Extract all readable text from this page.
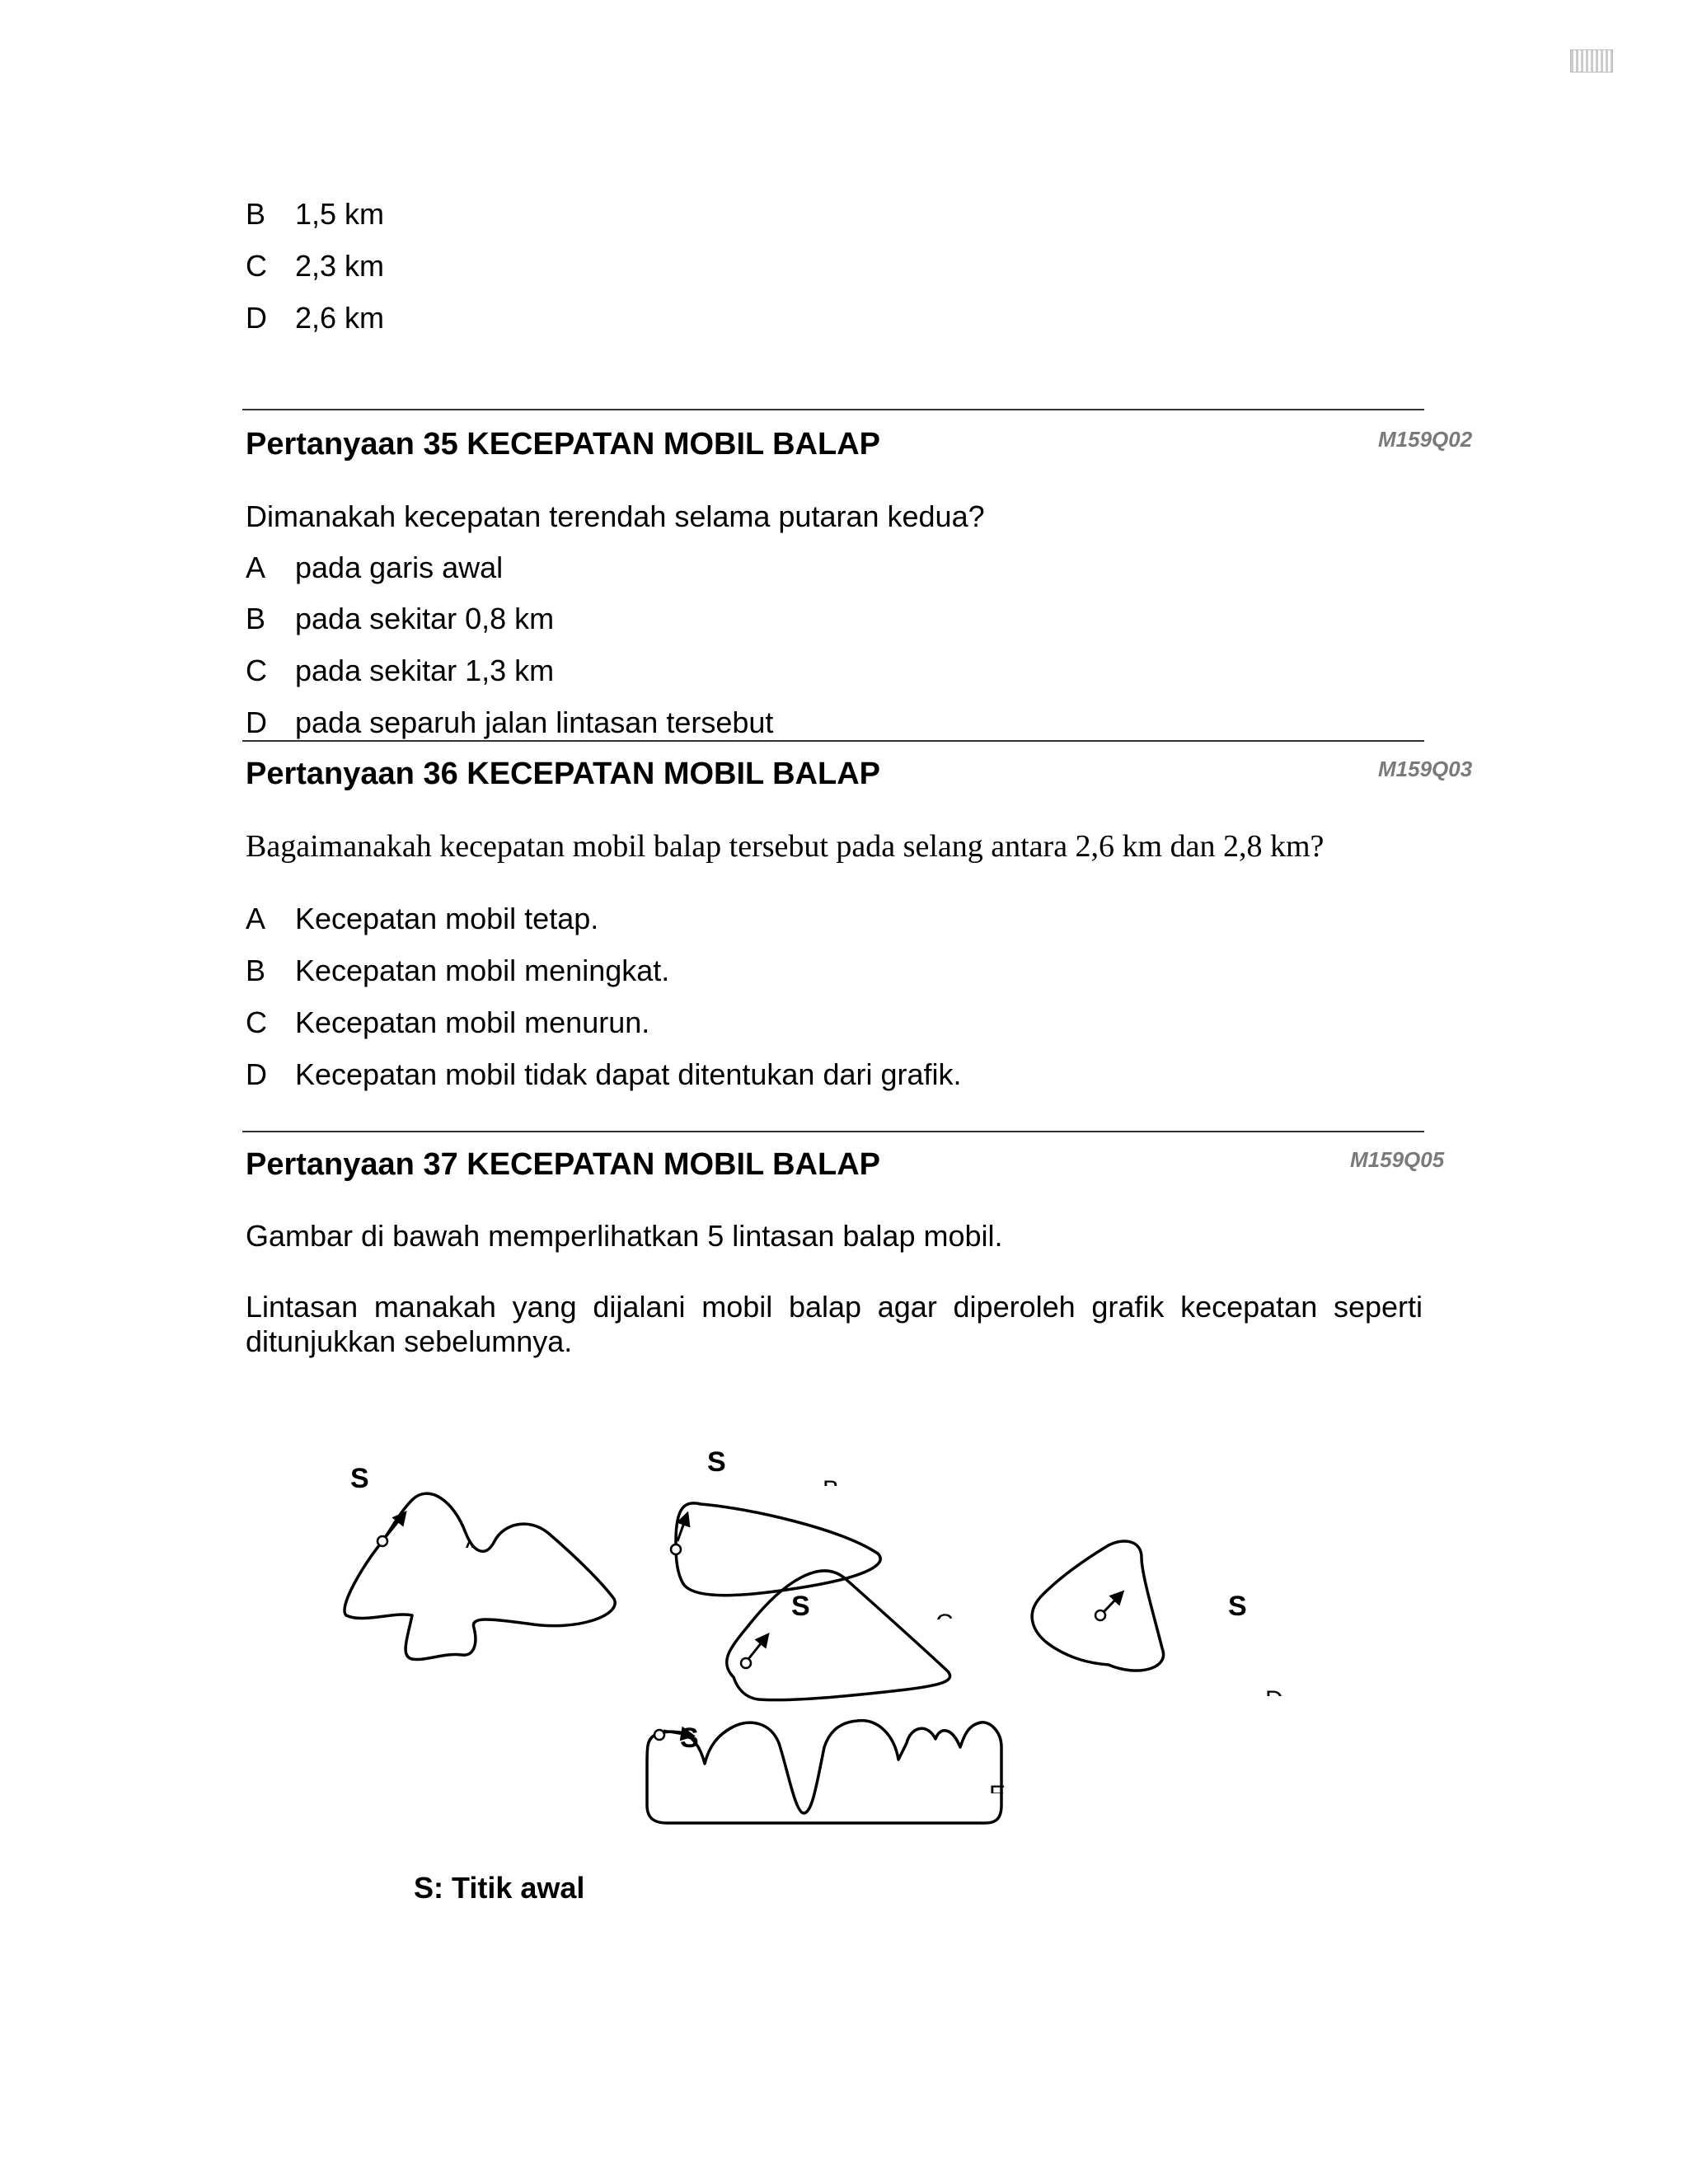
B 1,5 km
C 2,3 km
D 2,6 km
Pertanyaan 35 KECEPATAN MOBIL BALAP	M159Q02
Dimanakah kecepatan terendah selama putaran kedua?
A pada garis awal
B pada sekitar 0,8 km
C pada sekitar 1,3 km
D pada separuh jalan lintasan tersebut
Pertanyaan 36 KECEPATAN MOBIL BALAP	M159Q03
Bagaimanakah kecepatan mobil balap tersebut pada selang antara 2,6 km dan 2,8 km?
A Kecepatan mobil tetap.
B Kecepatan mobil meningkat.
C Kecepatan mobil menurun.
D Kecepatan mobil tidak dapat ditentukan dari grafik.
Pertanyaan 37 KECEPATAN MOBIL BALAP	M159Q05
Gambar di bawah memperlihatkan 5 lintasan balap mobil.
Lintasan manakah yang dijalani mobil balap agar diperoleh grafik kecepatan seperti ditunjukkan sebelumnya.
S
S
S	S
S
A
B
C
D
E
S: Titik awal
